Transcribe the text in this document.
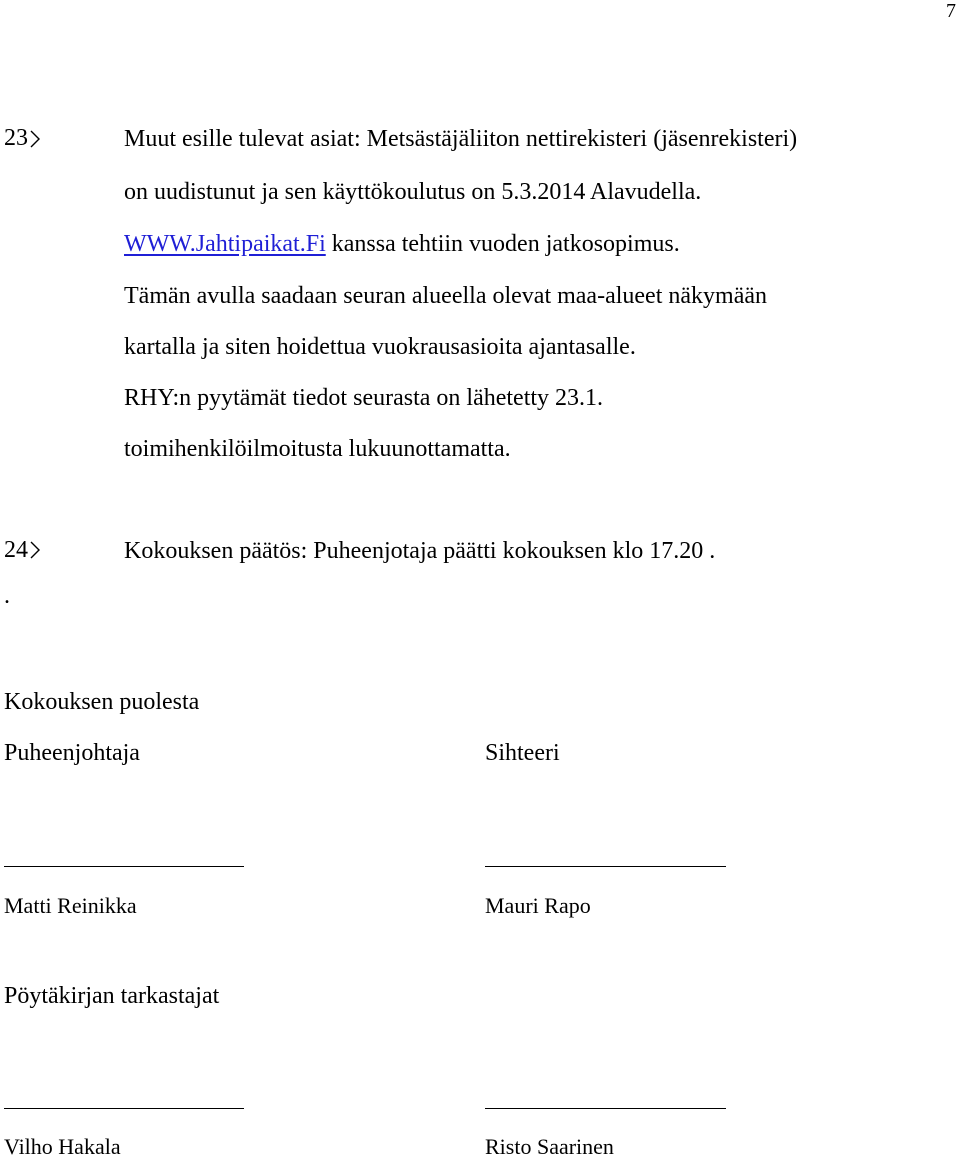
7
23	Muut esille tulevat asiat: Metsästäjäliiton nettirekisteri (jäsenrekisteri)
on uudistunut ja sen käyttökoulutus on 5.3.2014 Alavudella.
WWW.Jahtipaikat.Fi kanssa tehtiin vuoden jatkosopimus.
Tämän avulla saadaan seuran alueella olevat maa-alueet näkymään
kartalla ja siten hoidettua vuokrausasioita ajantasalle.
RHY:n pyytämät tiedot seurasta on lähetetty 23.1.
toimihenkilöilmoitusta lukuunottamatta.
24	Kokouksen päätös: Puheenjotaja päätti kokouksen klo 17.20 .
.
Kokouksen puolesta
Puheenjohtaja	Sihteeri
Matti Reinikka	Mauri Rapo
Pöytäkirjan tarkastajat
Vilho Hakala	Risto Saarinen
